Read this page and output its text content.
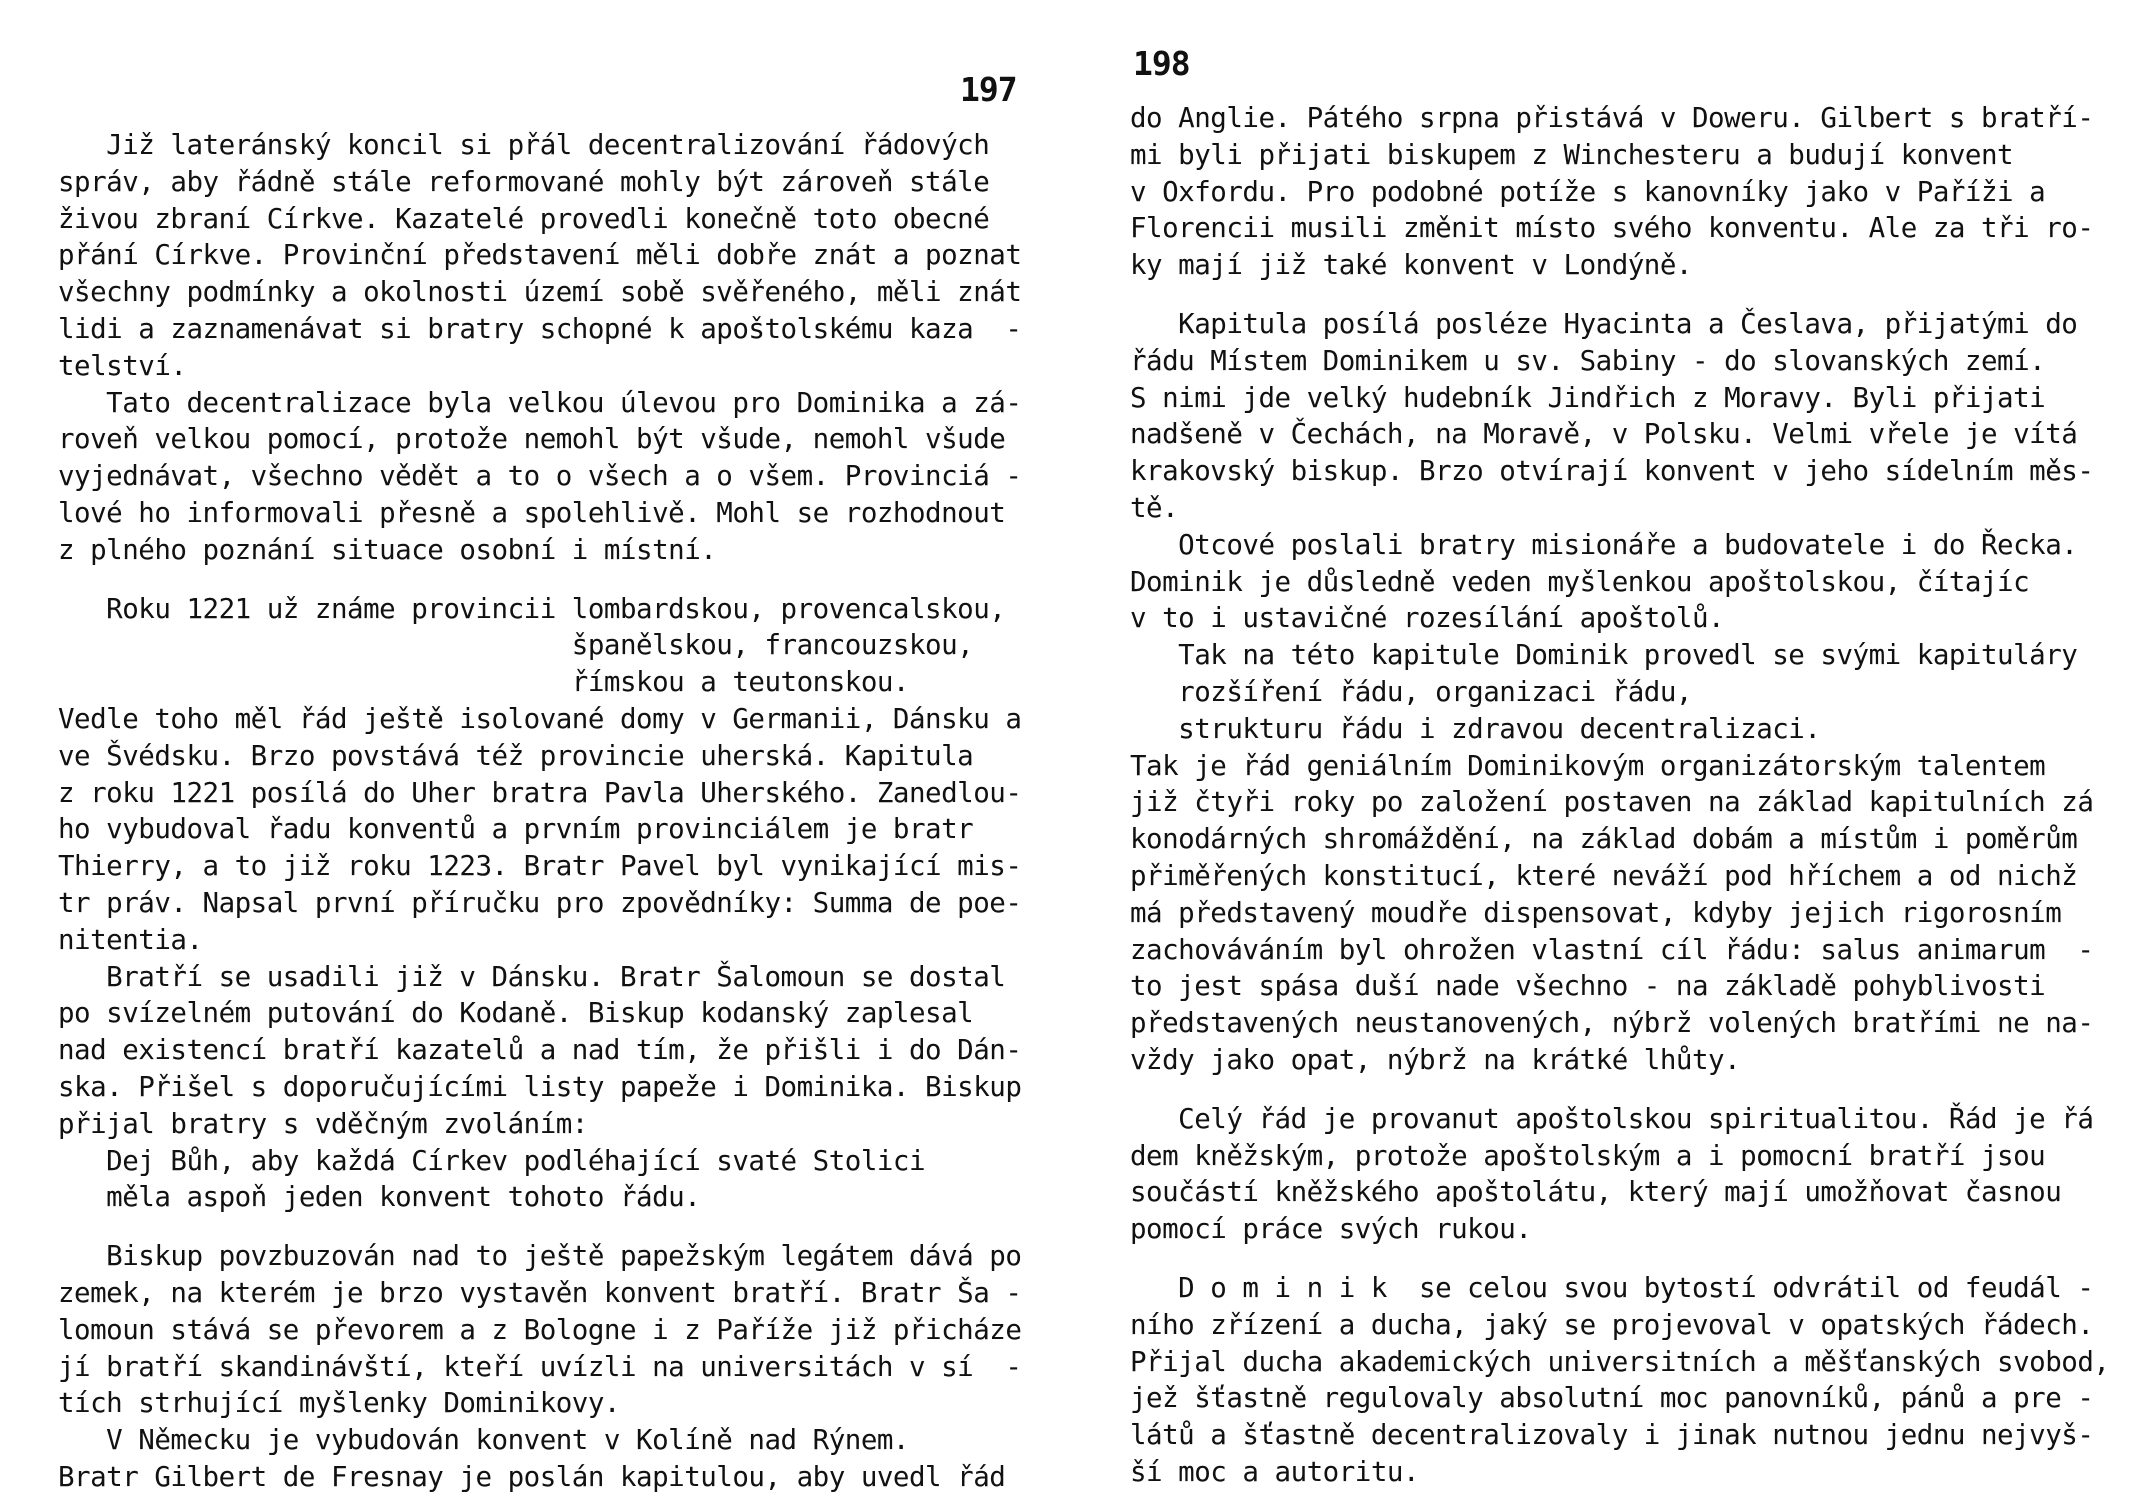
197
Již lateránský koncil si přál decentralizování řádových
správ, aby řádně stále reformované mohly být zároveň stále
živou zbraní Církve. Kazatelé provedli konečně toto obecné
přání Církve. Provinční představení měli dobře znát a poznat
všechny podmínky a okolnosti území sobě svěřeného, měli znát
lidi a zaznamenávat si bratry schopné k apoštolskému kaza  -
telství.
Tato decentralizace byla velkou úlevou pro Dominika a zá-
roveň velkou pomocí, protože nemohl být všude, nemohl všude
vyjednávat, všechno vědět a to o všech a o všem. Provinciá -
lové ho informovali přesně a spolehlivě. Mohl se rozhodnout
z plného poznání situace osobní i místní.
Roku 1221 už známe provincii lombardskou, provencalskou,
španělskou, francouzskou,
římskou a teutonskou.
Vedle toho měl řád ještě isolované domy v Germanii, Dánsku a
ve Švédsku. Brzo povstává též provincie uherská. Kapitula
z roku 1221 posílá do Uher bratra Pavla Uherského. Zanedlou-
ho vybudoval řadu konventů a prvním provinciálem je bratr
Thierry, a to již roku 1223. Bratr Pavel byl vynikající mis-
tr práv. Napsal první příručku pro zpovědníky: Summa de poe-
nitentia.
Bratří se usadili již v Dánsku. Bratr Šalomoun se dostal
po svízelném putování do Kodaně. Biskup kodanský zaplesal
nad existencí bratří kazatelů a nad tím, že přišli i do Dán-
ska. Přišel s doporučujícími listy papeže i Dominika. Biskup
přijal bratry s vděčným zvoláním:
Dej Bůh, aby každá Církev podléhající svaté Stolici
měla aspoň jeden konvent tohoto řádu.
Biskup povzbuzován nad to ještě papežským legátem dává po
zemek, na kterém je brzo vystavěn konvent bratří. Bratr Ša -
lomoun stává se převorem a z Bologne i z Paříže již přicháze
jí bratří skandinávští, kteří uvízli na universitách v sí  -
tích strhující myšlenky Dominikovy.
V Německu je vybudován konvent v Kolíně nad Rýnem.
Bratr Gilbert de Fresnay je poslán kapitulou, aby uvedl řád
198
do Anglie. Pátého srpna přistává v Doweru. Gilbert s bratří-
mi byli přijati biskupem z Winchesteru a budují konvent
v Oxfordu. Pro podobné potíže s kanovníky jako v Paříži a
Florencii musili změnit místo svého konventu. Ale za tři ro-
ky mají již také konvent v Londýně.
Kapitula posílá posléze Hyacinta a Česlava, přijatými do
řádu Místem Dominikem u sv. Sabiny - do slovanských zemí.
S nimi jde velký hudebník Jindřich z Moravy. Byli přijati
nadšeně v Čechách, na Moravě, v Polsku. Velmi vřele je vítá
krakovský biskup. Brzo otvírají konvent v jeho sídelním měs-
tě.
Otcové poslali bratry misionáře a budovatele i do Řecka.
Dominik je důsledně veden myšlenkou apoštolskou, čítajíc
v to i ustavičné rozesílání apoštolů.
Tak na této kapitule Dominik provedl se svými kapituláry
rozšíření řádu, organizaci řádu,
strukturu řádu i zdravou decentralizaci.
Tak je řád geniálním Dominikovým organizátorským talentem
již čtyři roky po založení postaven na základ kapitulních zá
konodárných shromáždění, na základ dobám a místům i poměrům
přiměřených konstitucí, které neváží pod hříchem a od nichž
má představený moudře dispensovat, kdyby jejich rigorosním
zachováváním byl ohrožen vlastní cíl řádu: salus animarum  -
to jest spása duší nade všechno - na základě pohyblivosti
představených neustanovených, nýbrž volených bratřími ne na-
vždy jako opat, nýbrž na krátké lhůty.
Celý řád je provanut apoštolskou spiritualitou. Řád je řá
dem kněžským, protože apoštolským a i pomocní bratří jsou
součástí kněžského apoštolátu, který mají umožňovat časnou
pomocí práce svých rukou.
D o m i n i k  se celou svou bytostí odvrátil od feudál -
ního zřízení a ducha, jaký se projevoval v opatských řádech.
Přijal ducha akademických universitních a měšťanských svobod,
jež šťastně regulovaly absolutní moc panovníků, pánů a pre -
látů a šťastně decentralizovaly i jinak nutnou jednu nejvyš-
ší moc a autoritu.
